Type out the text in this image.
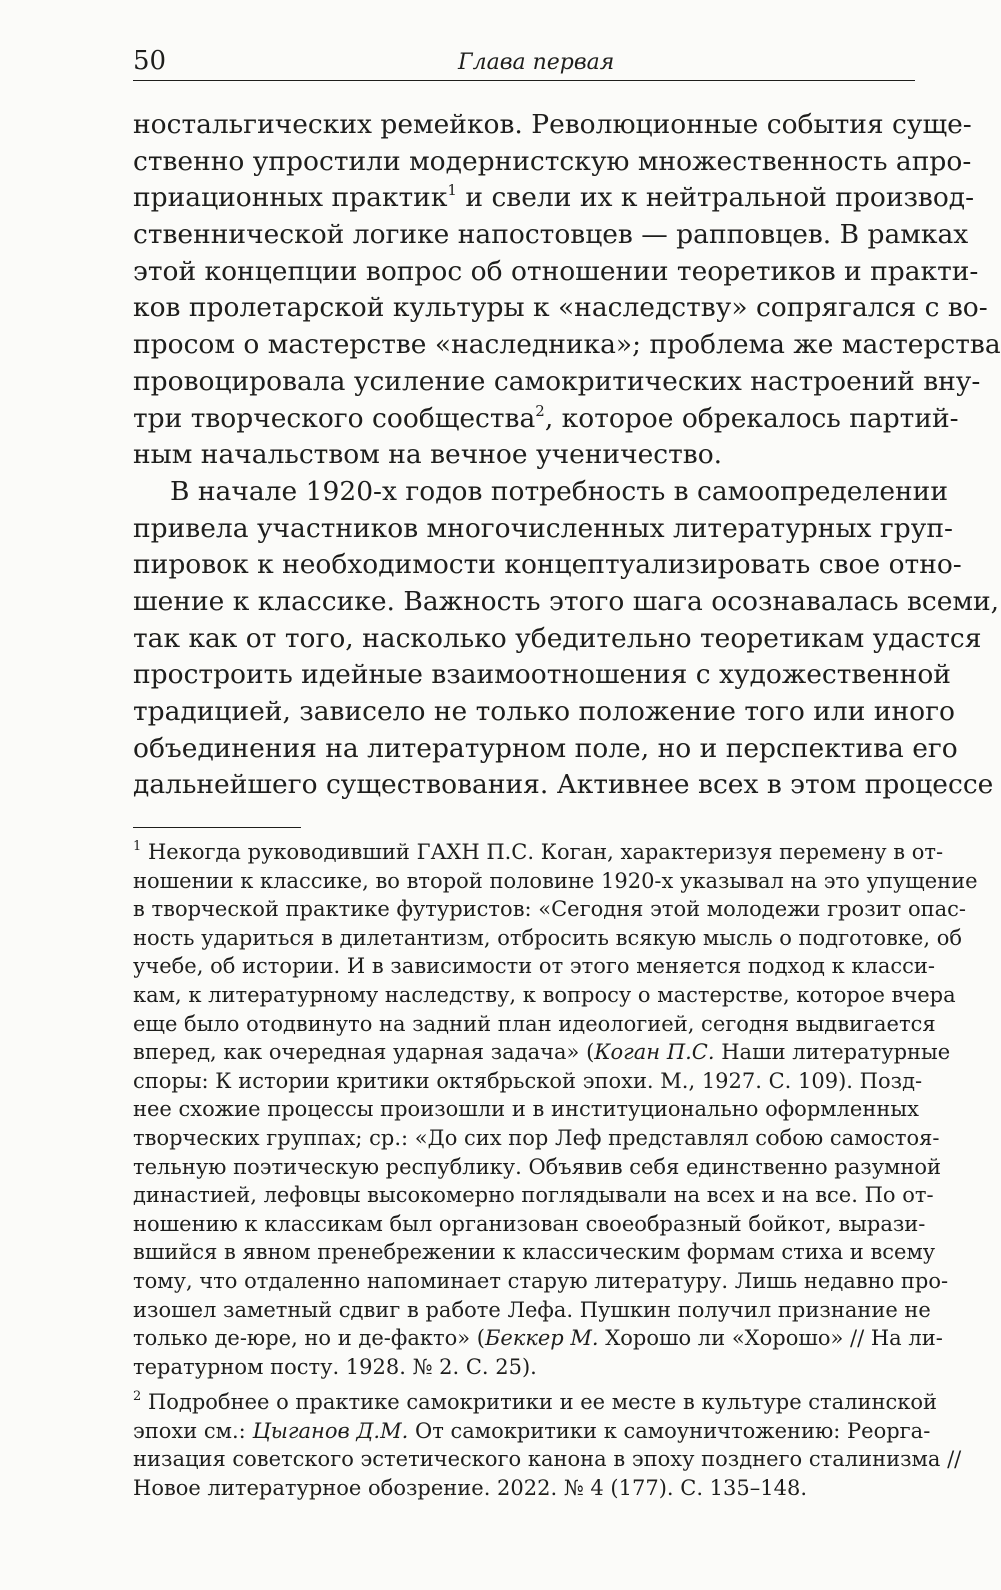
50	Глава первая
ностальгических ремейков. Революционные события суще-
ственно упростили модернистскую множественность апро-
приационных практик$^1$ и свели их к нейтральной производ-
ственнической логике напостовцев — рапповцев. В рамках
этой концепции вопрос об отношении теоретиков и практи-
ков пролетарской культуры к «наследству» сопрягался с во-
просом о мастерстве «наследника»; проблема же мастерства
провоцировала усиление самокритических настроений вну-
три творческого сообщества$^2$, которое обрекалось партий-
ным начальством на вечное ученичество.
В начале 1920-х годов потребность в самоопределении
привела участников многочисленных литературных груп-
пировок к необходимости концептуализировать свое отно-
шение к классике. Важность этого шага осознавалась всеми,
так как от того, насколько убедительно теоретикам удастся
простроить идейные взаимоотношения с художественной
традицией, зависело не только положение того или иного
объединения на литературном поле, но и перспектива его
дальнейшего существования. Активнее всех в этом процессе
$^1$ Некогда руководивший ГАХН П.С. Коган, характеризуя перемену в от-
ношении к классике, во второй половине 1920-х указывал на это упущение
в творческой практике футуристов: «Сегодня этой молодежи грозит опас-
ность удариться в дилетантизм, отбросить всякую мысль о подготовке, об
учебе, об истории. И в зависимости от этого меняется подход к класси-
кам, к литературному наследству, к вопросу о мастерстве, которое вчера
еще было отодвинуто на задний план идеологией, сегодня выдвигается
вперед, как очередная ударная задача» (Коган П.С. Наши литературные
споры: К истории критики октябрьской эпохи. М., 1927. С. 109). Позд-
нее схожие процессы произошли и в институционально оформленных
творческих группах; ср.: «До сих пор Леф представлял собою самостоя-
тельную поэтическую республику. Объявив себя единственно разумной
династией, лефовцы высокомерно поглядывали на всех и на все. По от-
ношению к классикам был организован своеобразный бойкот, вырази-
вшийся в явном пренебрежении к классическим формам стиха и всему
тому, что отдаленно напоминает старую литературу. Лишь недавно про-
изошел заметный сдвиг в работе Лефа. Пушкин получил признание не
только де-юре, но и де-факто» (Беккер М. Хорошо ли «Хорошо» // На ли-
тературном посту. 1928. № 2. С. 25).
$^2$ Подробнее о практике самокритики и ее месте в культуре сталинской
эпохи см.: Цыганов Д.М. От самокритики к самоуничтожению: Реорга-
низация советского эстетического канона в эпоху позднего сталинизма //
Новое литературное обозрение. 2022. № 4 (177). С. 135–148.
